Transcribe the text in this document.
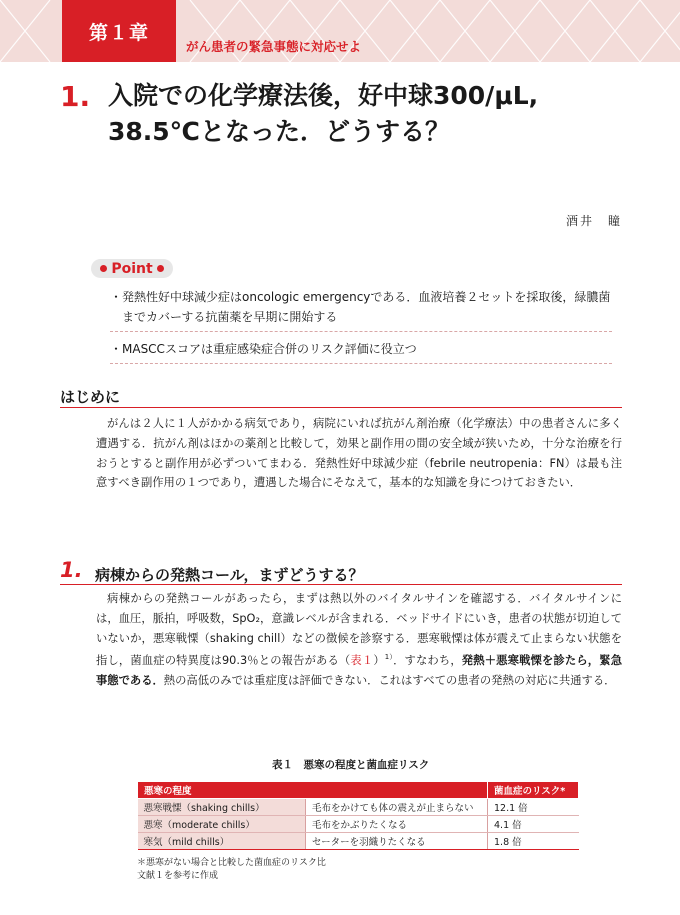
第１章
がん患者の緊急事態に対応せよ
1. 入院での化学療法後，好中球300/μL,
38.5℃となった．どうする？
酒井　瞳
Point
・ 発熱性好中球減少症はoncologic emergencyである．血液培養２セットを採取後，緑膿菌までカバーする抗菌薬を早期に開始する
・ MASCCスコアは重症感染症合併のリスク評価に役立つ
はじめに
がんは２人に１人がかかる病気であり，病院にいれば抗がん剤治療（化学療法）中の患者さんに多く遭遇する．抗がん剤はほかの薬剤と比較して，効果と副作用の間の安全域が狭いため，十分な治療を行おうとすると副作用が必ずついてまわる．発熱性好中球減少症（febrile neutropenia：FN）は最も注意すべき副作用の１つであり，遭遇した場合にそなえて，基本的な知識を身につけておきたい．
1. 病棟からの発熱コール，まずどうする？
病棟からの発熱コールがあったら，まずは熱以外のバイタルサインを確認する．バイタルサインには，血圧，脈拍，呼吸数，SpO₂，意識レベルが含まれる．ベッドサイドにいき，患者の状態が切迫していないか，悪寒戦慄（shaking chill）などの徴候を診察する．悪寒戦慄は体が震えて止まらない状態を指し，菌血症の特異度は90.3％との報告がある（表１）$^{1)}$．すなわち，発熱＋悪寒戦慄を診たら，緊急事態である．熱の高低のみでは重症度は評価できない．これはすべての患者の発熱の対応に共通する．
表１　悪寒の程度と菌血症リスク
悪寒の程度		菌血症のリスク*
悪寒戦慄（shaking chills）	毛布をかけても体の震えが止まらない	12.1 倍
悪寒（moderate chills）	毛布をかぶりたくなる	4.1 倍
寒気（mild chills）	セーターを羽織りたくなる	1.8 倍
＊悪寒がない場合と比較した菌血症のリスク比
文献１を参考に作成
